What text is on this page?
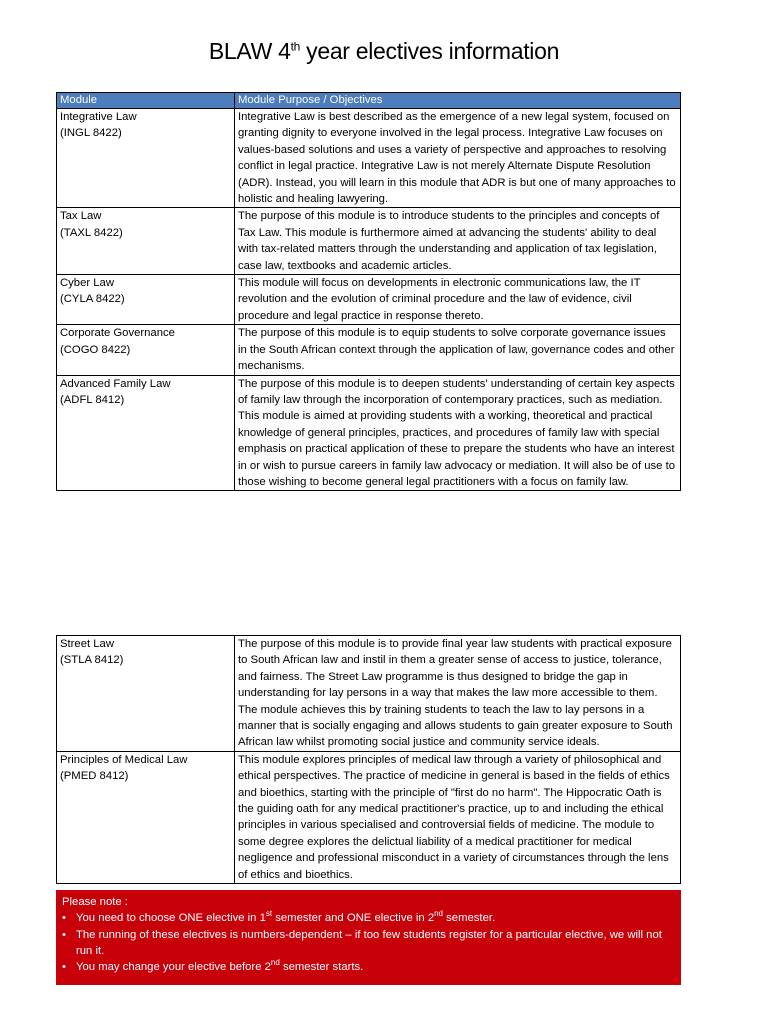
BLAW 4th year electives information
Module	Module Purpose / Objectives
Integrative Law
(INGL 8422)	Integrative Law is best described as the emergence of a new legal system, focused on granting dignity to everyone involved in the legal process. Integrative Law focuses on values-based solutions and uses a variety of perspective and approaches to resolving conflict in legal practice. Integrative Law is not merely Alternate Dispute Resolution (ADR). Instead, you will learn in this module that ADR is but one of many approaches to holistic and healing lawyering.
Tax Law
(TAXL 8422)	The purpose of this module is to introduce students to the principles and concepts of Tax Law. This module is furthermore aimed at advancing the students' ability to deal with tax-related matters through the understanding and application of tax legislation, case law, textbooks and academic articles.
Cyber Law
(CYLA 8422)	This module will focus on developments in electronic communications law, the IT revolution and the evolution of criminal procedure and the law of evidence, civil procedure and legal practice in response thereto.
Corporate Governance
(COGO 8422)	The purpose of this module is to equip students to solve corporate governance issues in the South African context through the application of law, governance codes and other mechanisms.
Advanced Family Law
(ADFL 8412)	The purpose of this module is to deepen students' understanding of certain key aspects of family law through the incorporation of contemporary practices, such as mediation. This module is aimed at providing students with a working, theoretical and practical knowledge of general principles, practices, and procedures of family law with special emphasis on practical application of these to prepare the students who have an interest in or wish to pursue careers in family law advocacy or mediation. It will also be of use to those wishing to become general legal practitioners with a focus on family law.
Street Law
(STLA 8412)	The purpose of this module is to provide final year law students with practical exposure to South African law and instil in them a greater sense of access to justice, tolerance, and fairness. The Street Law programme is thus designed to bridge the gap in understanding for lay persons in a way that makes the law more accessible to them. The module achieves this by training students to teach the law to lay persons in a manner that is socially engaging and allows students to gain greater exposure to South African law whilst promoting social justice and community service ideals.
Principles of Medical Law
(PMED 8412)	This module explores principles of medical law through a variety of philosophical and ethical perspectives. The practice of medicine in general is based in the fields of ethics and bioethics, starting with the principle of "first do no harm". The Hippocratic Oath is the guiding oath for any medical practitioner's practice, up to and including the ethical principles in various specialised and controversial fields of medicine. The module to some degree explores the delictual liability of a medical practitioner for medical negligence and professional misconduct in a variety of circumstances through the lens of ethics and bioethics.
Please note :
• You need to choose ONE elective in 1st semester and ONE elective in 2nd semester.
• The running of these electives is numbers-dependent – if too few students register for a particular elective, we will not run it.
• You may change your elective before 2nd semester starts.
